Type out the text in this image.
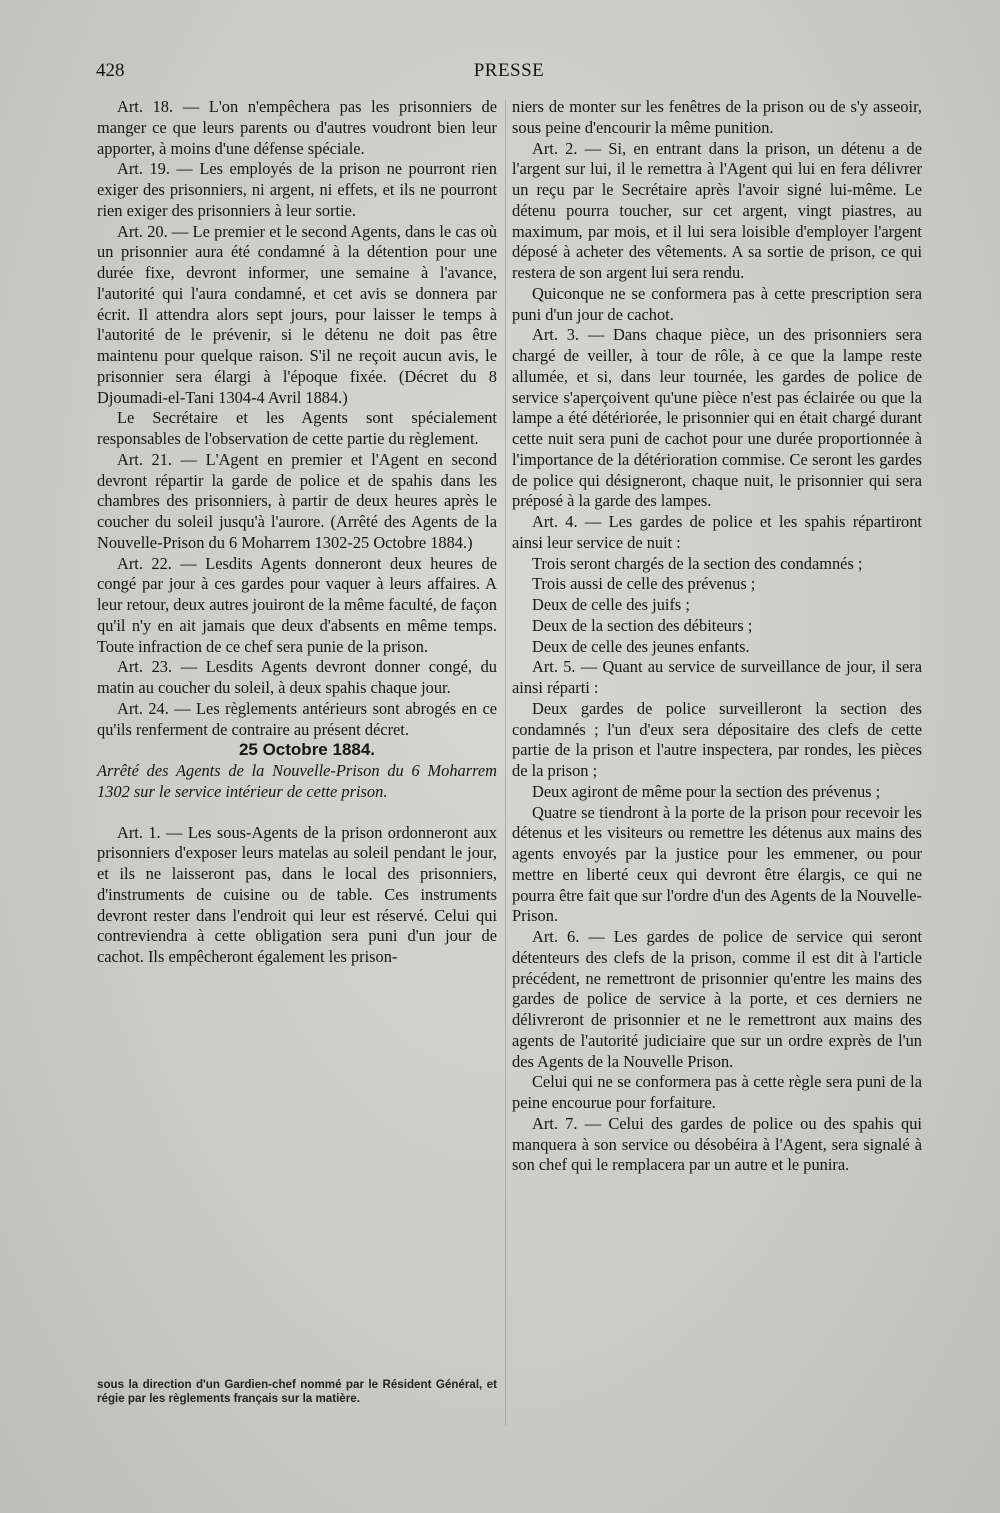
428	PRESSE

Art. 18. — L'on n'empêchera pas les prisonniers de manger ce que leurs parents ou d'autres voudront bien leur apporter, à moins d'une défense spéciale.

Art. 19. — Les employés de la prison ne pourront rien exiger des prisonniers, ni argent, ni effets, et ils ne pourront rien exiger des prisonniers à leur sortie.

Art. 20. — Le premier et le second Agents, dans le cas où un prisonnier aura été condamné à la détention pour une durée fixe, devront informer, une semaine à l'avance, l'autorité qui l'aura condamné, et cet avis se donnera par écrit. Il attendra alors sept jours, pour laisser le temps à l'autorité de le prévenir, si le détenu ne doit pas être maintenu pour quelque raison. S'il ne reçoit aucun avis, le prisonnier sera élargi à l'époque fixée. (Décret du 8 Djoumadi-el-Tani 1304-4 Avril 1884.)

Le Secrétaire et les Agents sont spécialement responsables de l'observation de cette partie du règlement.

Art. 21. — L'Agent en premier et l'Agent en second devront répartir la garde de police et de spahis dans les chambres des prisonniers, à partir de deux heures après le coucher du soleil jusqu'à l'aurore. (Arrêté des Agents de la Nouvelle-Prison du 6 Moharrem 1302-25 Octobre 1884.)

Art. 22. — Lesdits Agents donneront deux heures de congé par jour à ces gardes pour vaquer à leurs affaires. A leur retour, deux autres jouiront de la même faculté, de façon qu'il n'y en ait jamais que deux d'absents en même temps. Toute infraction de ce chef sera punie de la prison.

Art. 23. — Lesdits Agents devront donner congé, du matin au coucher du soleil, à deux spahis chaque jour.

Art. 24. — Les règlements antérieurs sont abrogés en ce qu'ils renferment de contraire au présent décret.

25 Octobre 1884.

Arrêté des Agents de la Nouvelle-Prison du 6 Moharrem 1302 sur le service intérieur de cette prison.

Art. 1. — Les sous-Agents de la prison ordonneront aux prisonniers d'exposer leurs matelas au soleil pendant le jour, et ils ne laisseront pas, dans le local des prisonniers, d'instruments de cuisine ou de table. Ces instruments devront rester dans l'endroit qui leur est réservé. Celui qui contreviendra à cette obligation sera puni d'un jour de cachot. Ils empêcheront également les prison-

niers de monter sur les fenêtres de la prison ou de s'y asseoir, sous peine d'encourir la même punition.

Art. 2. — Si, en entrant dans la prison, un détenu a de l'argent sur lui, il le remettra à l'Agent qui lui en fera délivrer un reçu par le Secrétaire après l'avoir signé lui-même. Le détenu pourra toucher, sur cet argent, vingt piastres, au maximum, par mois, et il lui sera loisible d'employer l'argent déposé à acheter des vêtements. A sa sortie de prison, ce qui restera de son argent lui sera rendu.

Quiconque ne se conformera pas à cette prescription sera puni d'un jour de cachot.

Art. 3. — Dans chaque pièce, un des prisonniers sera chargé de veiller, à tour de rôle, à ce que la lampe reste allumée, et si, dans leur tournée, les gardes de police de service s'aperçoivent qu'une pièce n'est pas éclairée ou que la lampe a été détériorée, le prisonnier qui en était chargé durant cette nuit sera puni de cachot pour une durée proportionnée à l'importance de la détérioration commise. Ce seront les gardes de police qui désigneront, chaque nuit, le prisonnier qui sera préposé à la garde des lampes.

Art. 4. — Les gardes de police et les spahis répartiront ainsi leur service de nuit :

Trois seront chargés de la section des condamnés ;

Trois aussi de celle des prévenus ;

Deux de celle des juifs ;

Deux de la section des débiteurs ;

Deux de celle des jeunes enfants.

Art. 5. — Quant au service de surveillance de jour, il sera ainsi réparti :

Deux gardes de police surveilleront la section des condamnés ; l'un d'eux sera dépositaire des clefs de cette partie de la prison et l'autre inspectera, par rondes, les pièces de la prison ;

Deux agiront de même pour la section des prévenus ;

Quatre se tiendront à la porte de la prison pour recevoir les détenus et les visiteurs ou remettre les détenus aux mains des agents envoyés par la justice pour les emmener, ou pour mettre en liberté ceux qui devront être élargis, ce qui ne pourra être fait que sur l'ordre d'un des Agents de la Nouvelle-Prison.

Art. 6. — Les gardes de police de service qui seront détenteurs des clefs de la prison, comme il est dit à l'article précédent, ne remettront de prisonnier qu'entre les mains des gardes de police de service à la porte, et ces derniers ne délivreront de prisonnier et ne le remettront aux mains des agents de l'autorité judiciaire que sur un ordre exprès de l'un des Agents de la Nouvelle Prison.

Celui qui ne se conformera pas à cette règle sera puni de la peine encourue pour forfaiture.

Art. 7. — Celui des gardes de police ou des spahis qui manquera à son service ou désobéira à l'Agent, sera signalé à son chef qui le remplacera par un autre et le punira.

sous la direction d'un Gardien-chef nommé par le Résident Général, et régie par les règlements français sur la matière.
